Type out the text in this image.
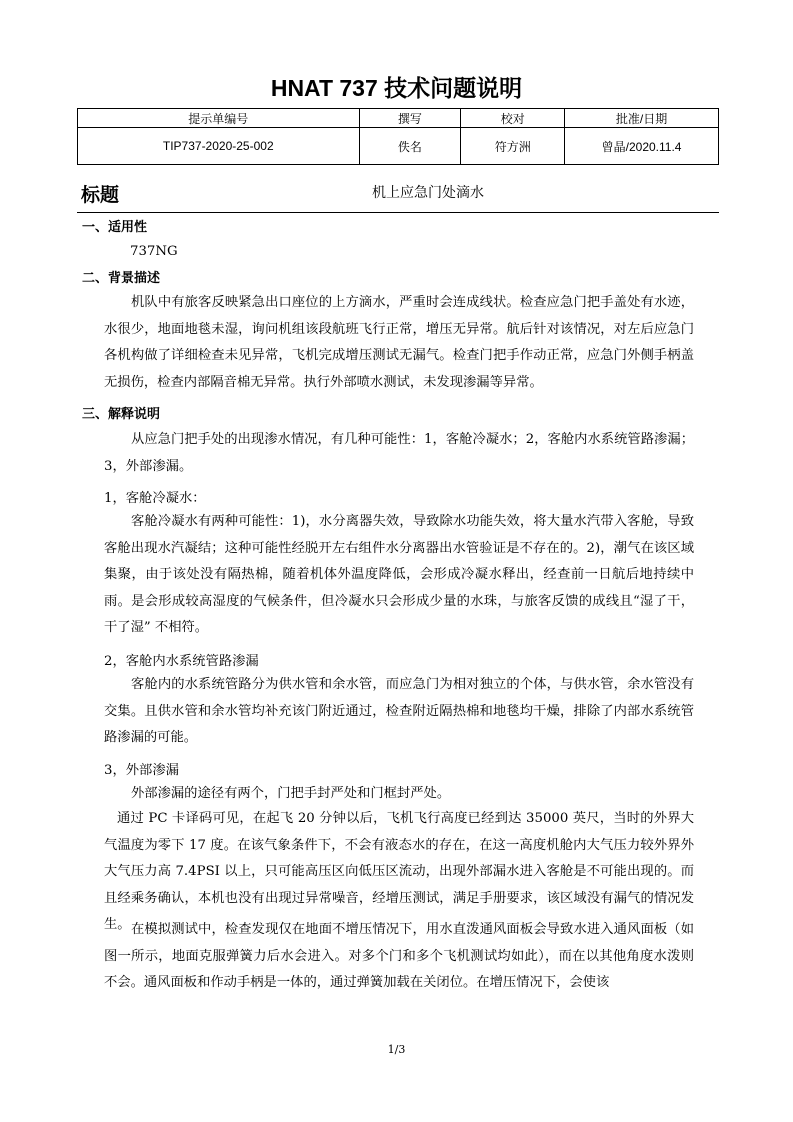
HNAT 737 技术问题说明
提示单编号	撰写	校对	批准/日期
TIP737-2020-25-002	佚名	符方洲	曾晶/2020.11.4
标题	机上应急门处滴水
一、适用性
737NG
二、背景描述
机队中有旅客反映紧急出口座位的上方滴水，严重时会连成线状。检查应急门把手盖处有水迹，水很少，地面地毯未湿，询问机组该段航班飞行正常，增压无异常。航后针对该情况，对左后应急门各机构做了详细检查未见异常，飞机完成增压测试无漏气。检查门把手作动正常，应急门外侧手柄盖无损伤，检查内部隔音棉无异常。执行外部喷水测试，未发现渗漏等异常。
三、解释说明
从应急门把手处的出现渗水情况，有几种可能性：1，客舱冷凝水；2，客舱内水系统管路渗漏；3，外部渗漏。
1，客舱冷凝水：
客舱冷凝水有两种可能性：1)，水分离器失效，导致除水功能失效，将大量水汽带入客舱，导致客舱出现水汽凝结；这种可能性经脱开左右组件水分离器出水管验证是不存在的。2)，潮气在该区域集聚，由于该处没有隔热棉，随着机体外温度降低，会形成冷凝水释出，经查前一日航后地持续中雨。是会形成较高湿度的气候条件，但冷凝水只会形成少量的水珠，与旅客反馈的成线且“湿了干，干了湿” 不相符。
2，客舱内水系统管路渗漏
客舱内的水系统管路分为供水管和余水管，而应急门为相对独立的个体，与供水管，余水管没有交集。且供水管和余水管均补充该门附近通过，检查附近隔热棉和地毯均干燥，排除了内部水系统管路渗漏的可能。
3，外部渗漏
外部渗漏的途径有两个，门把手封严处和门框封严处。
通过 PC 卡译码可见，在起飞 20 分钟以后，飞机飞行高度已经到达 35000 英尺，当时的外界大气温度为零下 17 度。在该气象条件下，不会有液态水的存在，在这一高度机舱内大气压力较外界外大气压力高 7.4PSI 以上，只可能高压区向低压区流动，出现外部漏水进入客舱是不可能出现的。而且经乘务确认，本机也没有出现过异常噪音，经增压测试，满足手册要求，该区域没有漏气的情况发生。 在模拟测试中，检查发现仅在地面不增压情况下，用水直泼通风面板会导致水进入通风面板（如图一所示，地面克服弹簧力后水会进入。对多个门和多个飞机测试均如此），而在以其他角度水泼则不会。通风面板和作动手柄是一体的，通过弹簧加载在关闭位。在增压情况下，会使该
1/3
